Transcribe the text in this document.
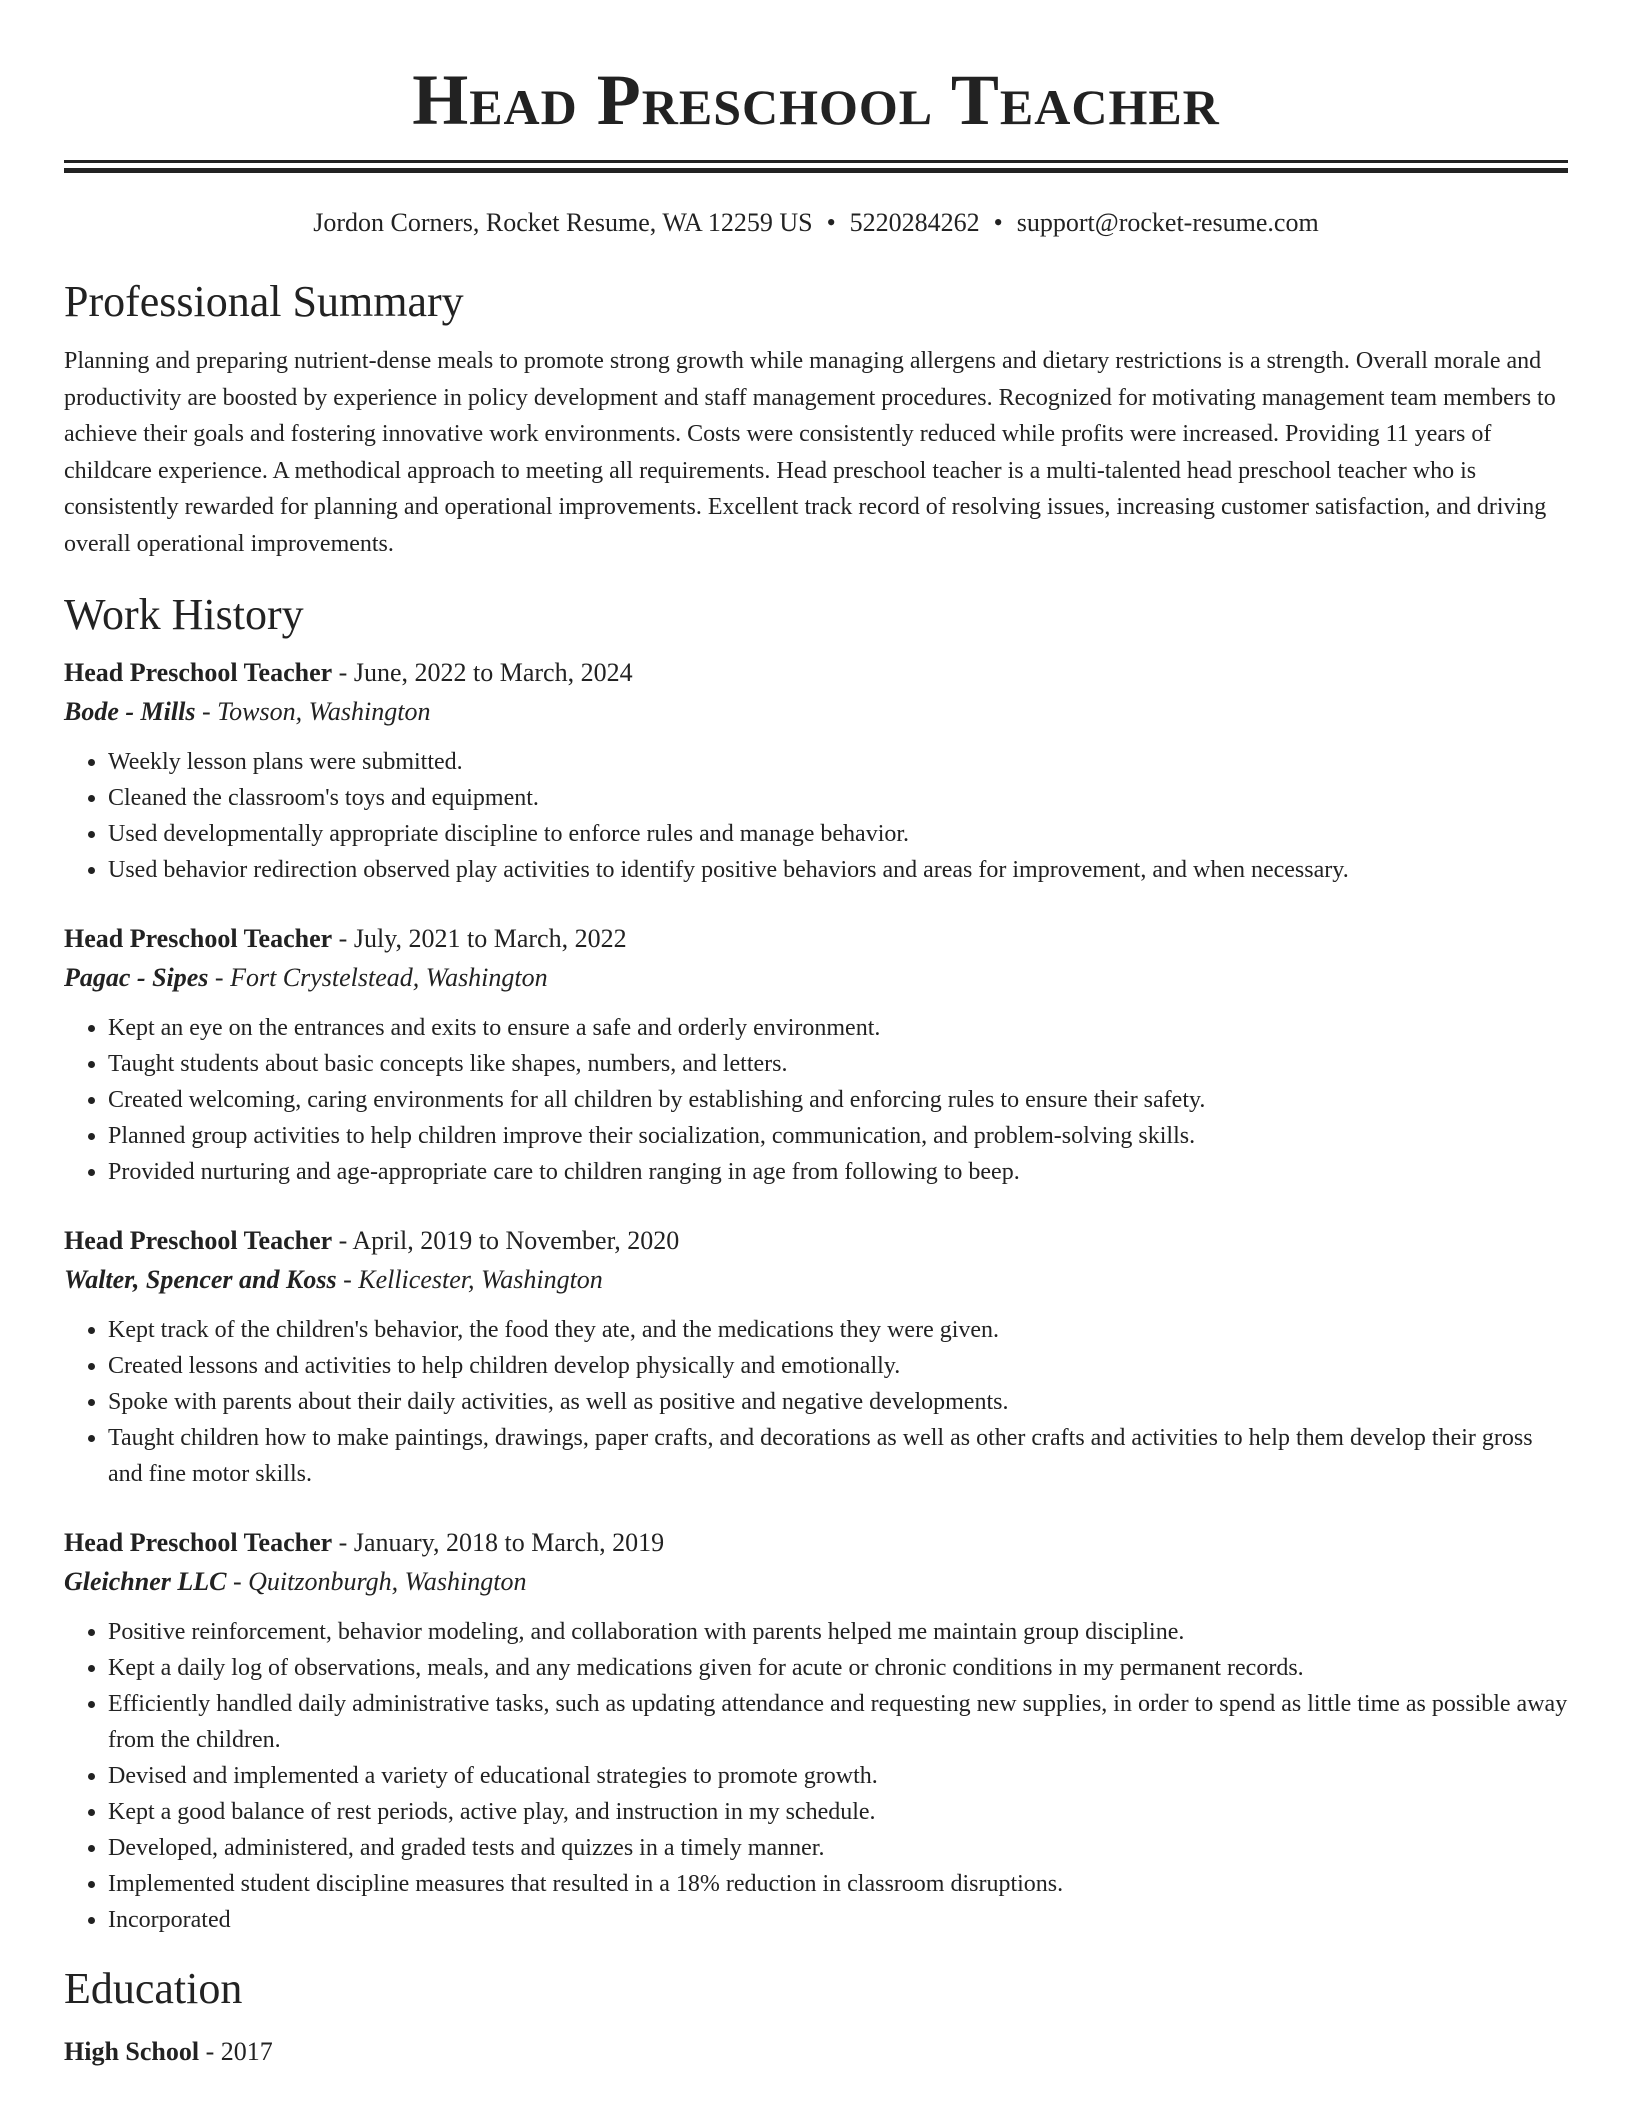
Head Preschool Teacher
Jordon Corners, Rocket Resume, WA 12259 US • 5220284262 • support@rocket-resume.com
Professional Summary

Planning and preparing nutrient-dense meals to promote strong growth while managing allergens and dietary restrictions is a strength. Overall morale and productivity are boosted by experience in policy development and staff management procedures. Recognized for motivating management team members to achieve their goals and fostering innovative work environments. Costs were consistently reduced while profits were increased. Providing 11 years of childcare experience. A methodical approach to meeting all requirements. Head preschool teacher is a multi-talented head preschool teacher who is consistently rewarded for planning and operational improvements. Excellent track record of resolving issues, increasing customer satisfaction, and driving overall operational improvements.

Work History
Head Preschool Teacher - June, 2022 to March, 2024
Bode - Mills - Towson, Washington
• Weekly lesson plans were submitted.
• Cleaned the classroom's toys and equipment.
• Used developmentally appropriate discipline to enforce rules and manage behavior.
• Used behavior redirection observed play activities to identify positive behaviors and areas for improvement, and when necessary.
Head Preschool Teacher - July, 2021 to March, 2022
Pagac - Sipes - Fort Crystelstead, Washington
• Kept an eye on the entrances and exits to ensure a safe and orderly environment.
• Taught students about basic concepts like shapes, numbers, and letters.
• Created welcoming, caring environments for all children by establishing and enforcing rules to ensure their safety.
• Planned group activities to help children improve their socialization, communication, and problem-solving skills.
• Provided nurturing and age-appropriate care to children ranging in age from following to beep.
Head Preschool Teacher - April, 2019 to November, 2020
Walter, Spencer and Koss - Kellicester, Washington
• Kept track of the children's behavior, the food they ate, and the medications they were given.
• Created lessons and activities to help children develop physically and emotionally.
• Spoke with parents about their daily activities, as well as positive and negative developments.
• Taught children how to make paintings, drawings, paper crafts, and decorations as well as other crafts and activities to help them develop their gross and fine motor skills.
Head Preschool Teacher - January, 2018 to March, 2019
Gleichner LLC - Quitzonburgh, Washington
• Positive reinforcement, behavior modeling, and collaboration with parents helped me maintain group discipline.
• Kept a daily log of observations, meals, and any medications given for acute or chronic conditions in my permanent records.
• Efficiently handled daily administrative tasks, such as updating attendance and requesting new supplies, in order to spend as little time as possible away from the children.
• Devised and implemented a variety of educational strategies to promote growth.
• Kept a good balance of rest periods, active play, and instruction in my schedule.
• Developed, administered, and graded tests and quizzes in a timely manner.
• Implemented student discipline measures that resulted in a 18% reduction in classroom disruptions.
• Incorporated
Education
High School - 2017
